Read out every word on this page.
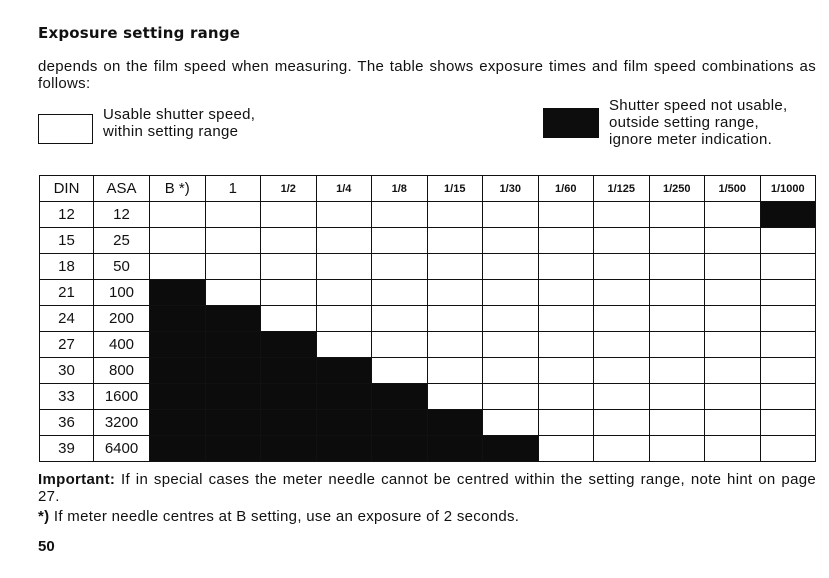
Exposure setting range
depends on the film speed when measuring. The table shows exposure times and film speed combinations as follows:
Usable shutter speed,
within setting range
Shutter speed not usable,
outside setting range,
ignore meter indication.
DIN	ASA	B *)	1	1/2	1/4	1/8	1/15	1/30	1/60	1/125	1/250	1/500	1/1000
12	12												
15	25												
18	50												
21	100												
24	200												
27	400												
30	800												
33	1600												
36	3200												
39	6400												
Important: If in special cases the meter needle cannot be centred within the setting range, note hint on page 27.
*) If meter needle centres at B setting, use an exposure of 2 seconds.
50
